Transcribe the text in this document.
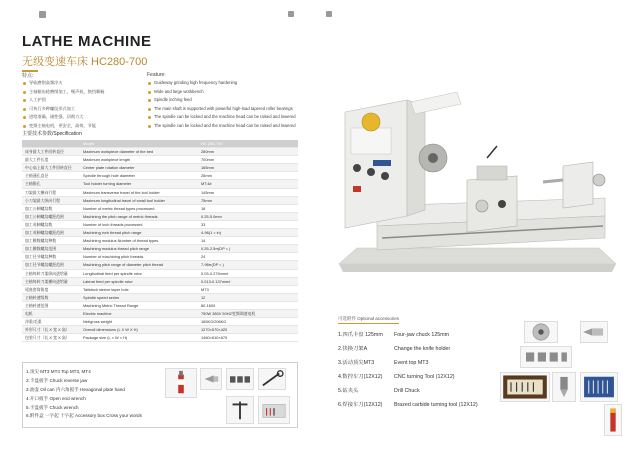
LATHE MACHINE
无级变速车床 HC280-700
特点:	Feature:
导轨磨削高频淬火
主轴箱齿轮磨削加工，噪声低，换挡顺畅
人工护刮
可执行多种螺纹形式加工
进给准确，刚性强，切削力大
变频主轴电机，更安全，高效，节能
Guideway grinding high frequency hardening
Wide and large workbench
Spindle inching feed
The main shaft is supported with powerful high-load tapered roller bearings
The spindle can be locked and the machine head can be raised and lowered
The spindle can be locked and the machine head can be raised and lowered
主要技术参数/Specification
	Model	HC 280-700
床身最大工件回转直径	Maximum workpiece diameter of the bed	280mm
最大工件长度	Maximum workpiece length	700mm
中心高上最大工件回转直径	Center plate rotation diameter	165mm
主轴通孔直径	Spindle through hole diameter	26mm
主轴锥孔	Tool holder turning diameter	MT.4#
刀架最大横向行程	Maximum transverse travel of the tool holder	145mm
小刀架最大纵向行程	Maximum longitudinal travel of small tool holder	75mm
加工公制螺纹数	Number of metric thread types processed	18
加工公制螺纹螺距范围	Machining the pitch range of metric threads	0.25-5.0mm
加工英制螺纹数	Number of inch threads processed	33
加工英制螺纹螺距范围	Machining inch thread pitch range	4-96(1 = in)
加工模数螺纹种数	Machining modulus Number of thread types	14
加工模数螺纹范围	Machining modulus thread pitch range	0.25-2.5π(DP = )
加工径节螺纹种数	Number of machining pitch threads	24
加工径节螺纹螺距范围	Machining pitch range of diameter pitch thread	7-96π(DP = )
主轴每转刀架纵向进给量	Longitudinal feed per spindle rotor	0.03-0.275mm/r
主轴每转刀架横向进给量	Lateral feed per spindle rotor	0.013-0.137mm/r
尾座套筒锥度	Tailstock sleeve taper hole	MT3
主轴转速级数	Spindle speed series	12
主轴转速范围	Machining Metric Thread Range	80-1600
电机	Electric machine	750W 380V 50HZ变频调速电机
净重/毛重	Net/gross weight	165KG/206KG
外形尺寸（长 X 宽 X 高）	Overall dimensions (L X W X H)	1270×570×420
包装尺寸（长 X 宽 X 高）	Package size (L × W × H)	1460×610×670
1.顶尖 MT3 MT4 Top MT3, MT4
2.卡盘扳手 Chuck reverse jaw
3.油壶 Oil can 内六角扳手 Hexagonal plate hand
4.开口扳手 Open end wrench
5.卡盘扳手 Chuck wrench
6.附件盒 一字起 十字起 Accessory box Cross your words
可选附件 Optional accessories
1.四爪卡盘 125mm Four-jaw chuck 125mm
2.快换刀架A	Change the knife holder
3.活动顶尖MT3	Event top MT3
4.数控车刀(12X12) CNC turning Tool (12X12)
5.钻夹头	Drill Chuck
6.焊接车刀(12X12) Brazed carbide turning tool (12X12)
